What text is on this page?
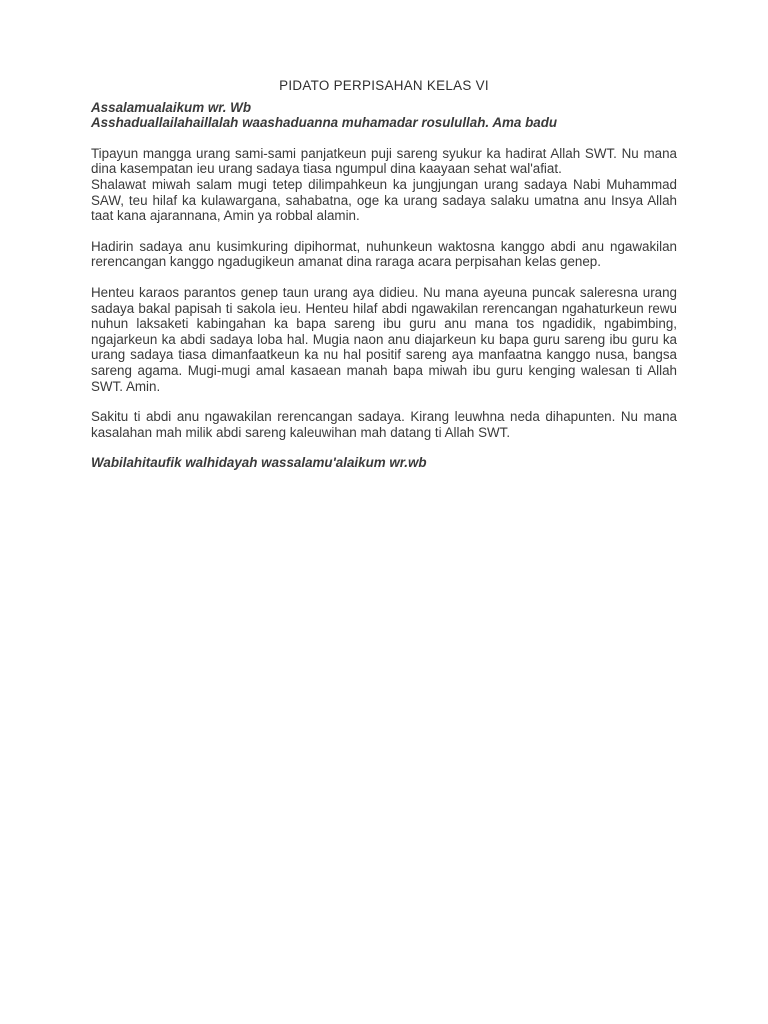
PIDATO PERPISAHAN KELAS VI

Assalamualaikum wr. Wb

Asshaduallailahaillalah waashaduanna muhamadar rosulullah. Ama badu

Tipayun mangga urang sami-sami panjatkeun puji sareng syukur ka hadirat Allah SWT. Nu mana dina kasempatan ieu urang sadaya tiasa ngumpul dina kaayaan sehat wal'afiat.

Shalawat miwah salam mugi tetep dilimpahkeun ka jungjungan urang sadaya Nabi Muhammad SAW, teu hilaf ka kulawargana, sahabatna, oge ka urang sadaya salaku umatna anu Insya Allah taat kana ajarannana, Amin ya robbal alamin.

Hadirin sadaya anu kusimkuring dipihormat, nuhunkeun waktosna kanggo abdi anu ngawakilan rerencangan kanggo ngadugikeun amanat dina raraga acara perpisahan kelas genep.

Henteu karaos parantos genep taun urang aya didieu. Nu mana ayeuna puncak saleresna urang sadaya bakal papisah ti sakola ieu. Henteu hilaf abdi ngawakilan rerencangan ngahaturkeun rewu nuhun laksaketi kabingahan ka bapa sareng ibu guru anu mana tos ngadidik, ngabimbing, ngajarkeun ka abdi sadaya loba hal. Mugia naon anu diajarkeun ku bapa guru sareng ibu guru ka urang sadaya tiasa dimanfaatkeun ka nu hal positif sareng aya manfaatna kanggo nusa, bangsa sareng agama. Mugi-mugi amal kasaean manah bapa miwah ibu guru kenging walesan ti Allah SWT. Amin.

Sakitu ti abdi anu ngawakilan rerencangan sadaya. Kirang leuwhna neda dihapunten. Nu mana kasalahan mah milik abdi sareng kaleuwihan mah datang ti Allah SWT.

Wabilahitaufik walhidayah wassalamu'alaikum wr.wb
